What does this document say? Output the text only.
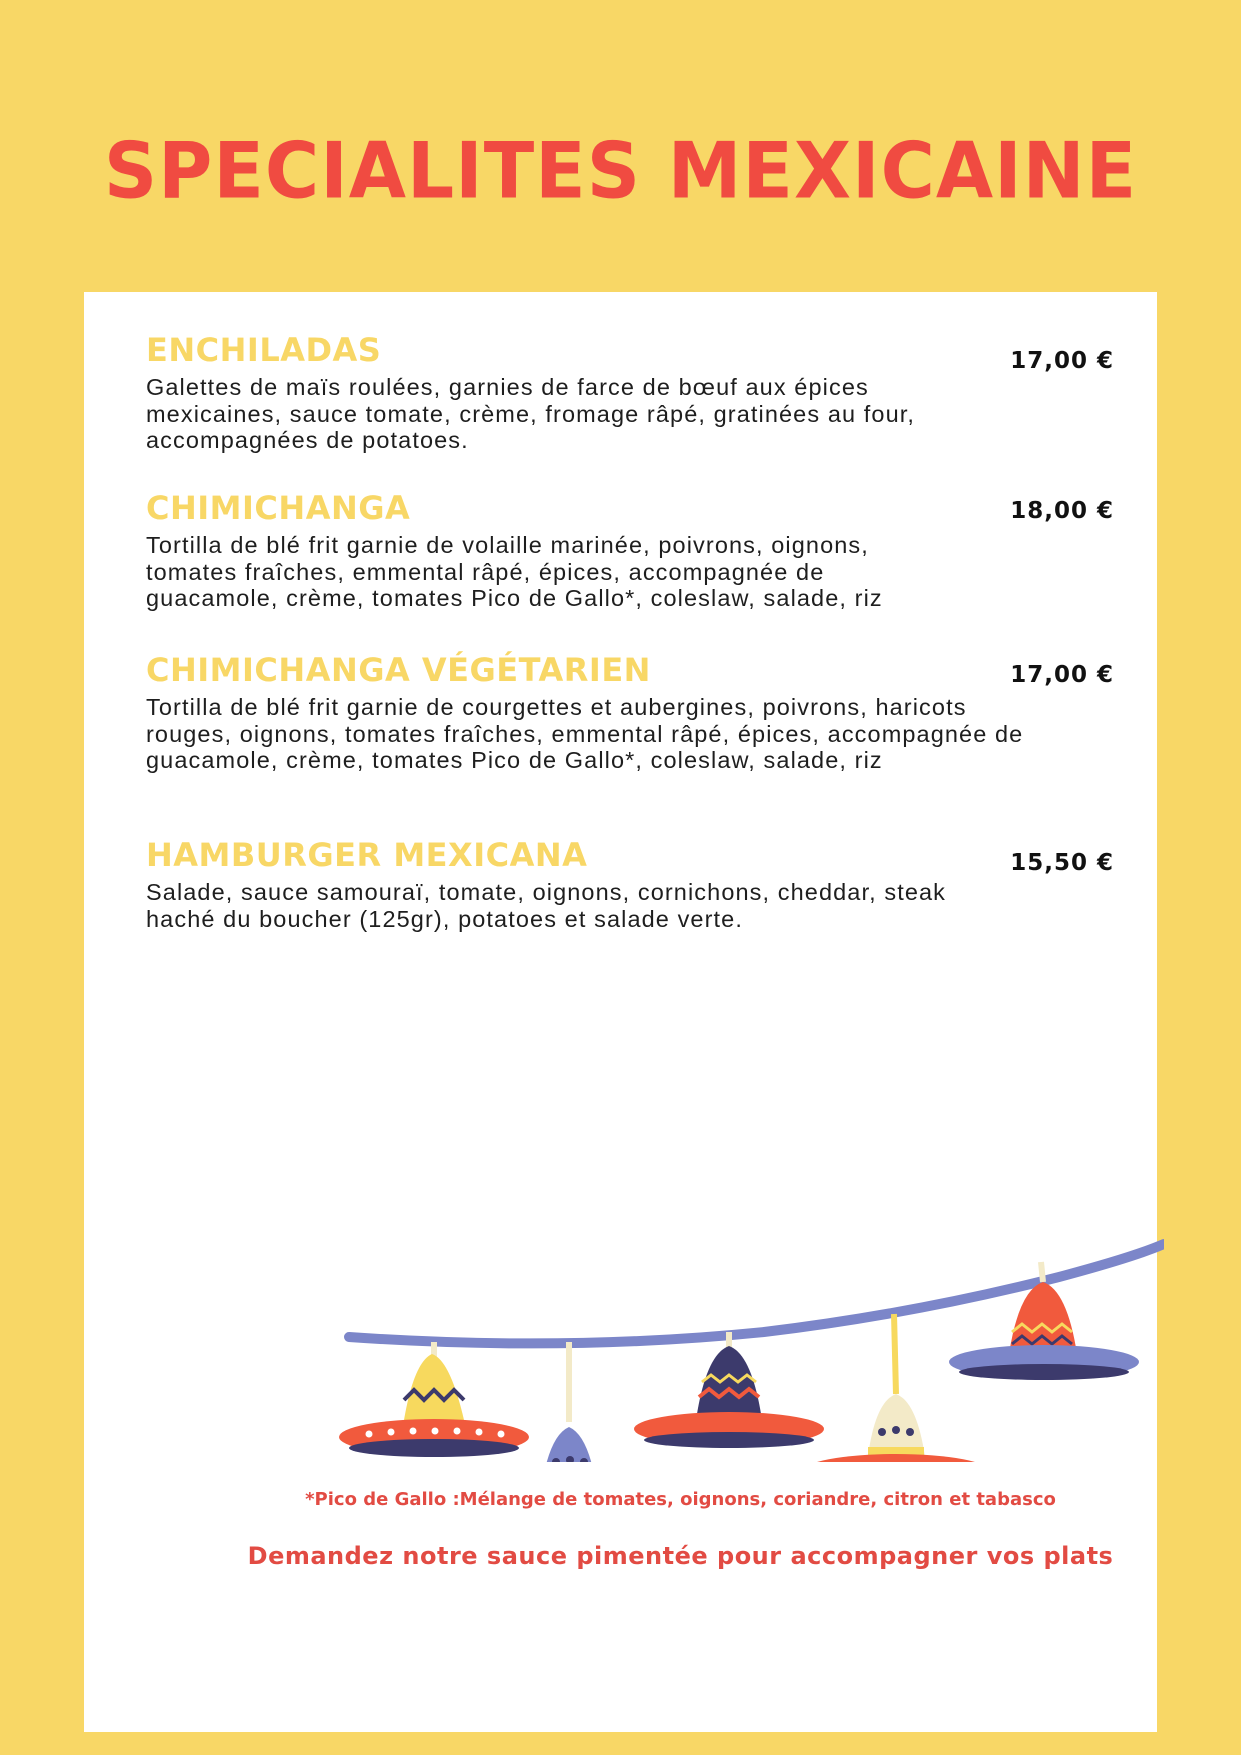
SPECIALITES MEXICAINE
ENCHILADAS

Galettes de maïs roulées, garnies de farce de bœuf aux épices mexicaines, sauce tomate, crème, fromage râpé, gratinées au four, accompagnées de potatoes.

17,00 €
CHIMICHANGA

Tortilla de blé frit garnie de volaille marinée, poivrons, oignons, tomates fraîches, emmental râpé, épices, accompagnée de guacamole, crème, tomates Pico de Gallo*, coleslaw, salade, riz

18,00 €
CHIMICHANGA VÉGÉTARIEN

Tortilla de blé frit garnie de courgettes et aubergines, poivrons, haricots rouges, oignons, tomates fraîches, emmental râpé, épices, accompagnée de guacamole, crème, tomates Pico de Gallo*, coleslaw, salade, riz

17,00 €
HAMBURGER MEXICANA

Salade, sauce samouraï, tomate, oignons, cornichons, cheddar, steak haché du boucher (125gr), potatoes et salade verte.

15,50 €
*Pico de Gallo :Mélange de tomates, oignons, coriandre, citron et tabasco
Demandez notre sauce pimentée pour accompagner vos plats
